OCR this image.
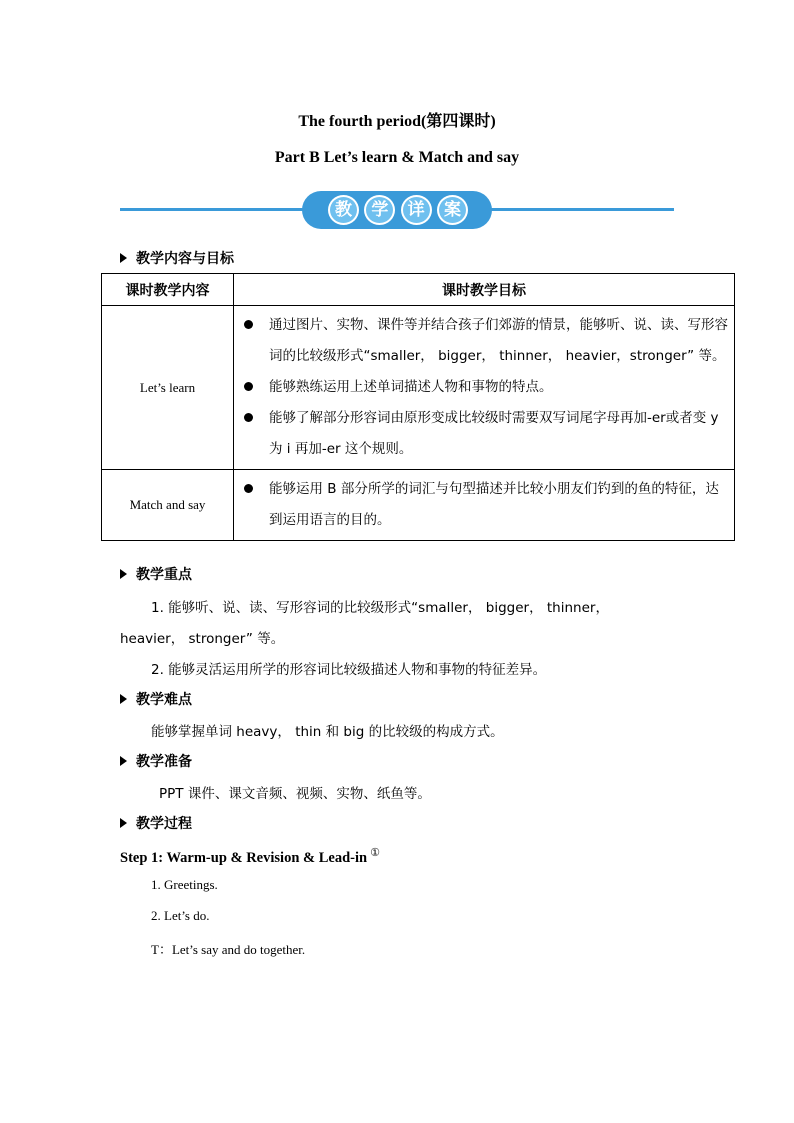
The fourth period(第四课时)
Part B Let’s learn & Match and say
教	学	详	案
教学内容与目标
课时教学内容	课时教学目标
Let’s learn	通过图片、实物、课件等并结合孩子们郊游的情景，能够听、说、读、写形容词的比较级形式“smaller， bigger， thinner， heavier，stronger” 等。
能够熟练运用上述单词描述人物和事物的特点。
能够了解部分形容词由原形变成比较级时需要双写词尾字母再加-er或者变 y 为 i 再加-er 这个规则。

Match and say	能够运用 B 部分所学的词汇与句型描述并比较小朋友们钓到的鱼的特征，达到运用语言的目的。
教学重点
1. 能够听、说、读、写形容词的比较级形式“smaller， bigger， thinner，
heavier， stronger” 等。
2. 能够灵活运用所学的形容词比较级描述人物和事物的特征差异。
教学难点
能够掌握单词 heavy， thin 和 big 的比较级的构成方式。
教学准备
PPT 课件、课文音频、视频、实物、纸鱼等。
教学过程
Step 1: Warm-up & Revision & Lead-in ①
1. Greetings.
2. Let’s do.
T：Let’s say and do together.
